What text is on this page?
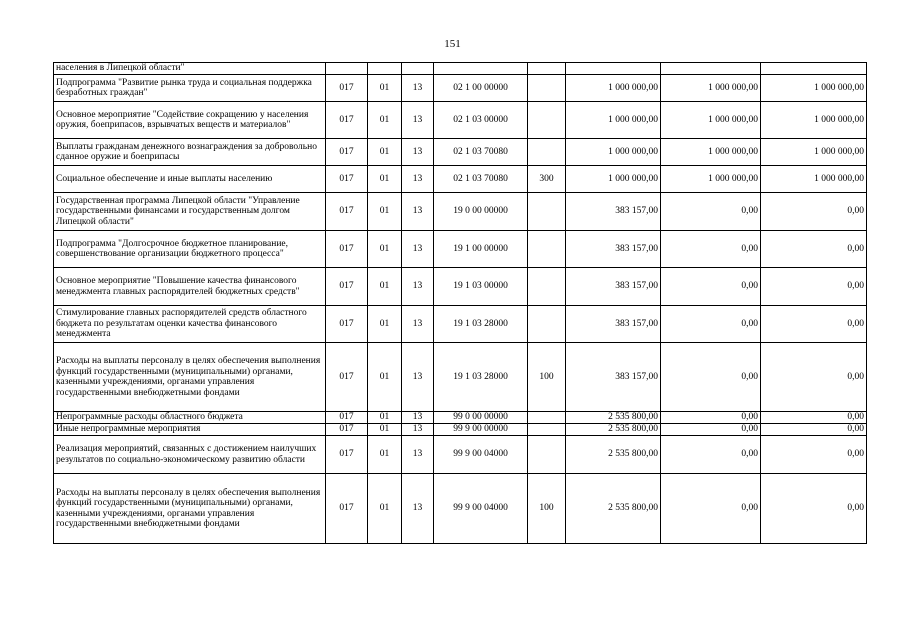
151
населения в Липецкой области"								
Подпрограмма "Развитие рынка труда и социальная поддержка безработных граждан"	017	01	13	02 1 00 00000		1 000 000,00	1 000 000,00	1 000 000,00
Основное мероприятие "Содействие сокращению у населения оружия, боеприпасов, взрывчатых веществ и материалов"	017	01	13	02 1 03 00000		1 000 000,00	1 000 000,00	1 000 000,00
Выплаты гражданам денежного вознаграждения за добровольно сданное оружие и боеприпасы	017	01	13	02 1 03 70080		1 000 000,00	1 000 000,00	1 000 000,00
Социальное обеспечение и иные выплаты населению	017	01	13	02 1 03 70080	300	1 000 000,00	1 000 000,00	1 000 000,00
Государственная программа Липецкой области "Управление государственными финансами и государственным долгом Липецкой области"	017	01	13	19 0 00 00000		383 157,00	0,00	0,00
Подпрограмма "Долгосрочное бюджетное планирование, совершенствование организации бюджетного процесса"	017	01	13	19 1 00 00000		383 157,00	0,00	0,00
Основное мероприятие "Повышение качества финансового менеджмента главных распорядителей бюджетных средств"	017	01	13	19 1 03 00000		383 157,00	0,00	0,00
Стимулирование главных распорядителей средств областного бюджета по результатам оценки качества финансового менеджмента	017	01	13	19 1 03 28000		383 157,00	0,00	0,00
Расходы на выплаты персоналу в целях обеспечения выполнения функций государственными (муниципальными) органами, казенными учреждениями, органами управления государственными внебюджетными фондами	017	01	13	19 1 03 28000	100	383 157,00	0,00	0,00
Непрограммные расходы областного бюджета	017	01	13	99 0 00 00000		2 535 800,00	0,00	0,00
Иные непрограммные мероприятия	017	01	13	99 9 00 00000		2 535 800,00	0,00	0,00
Реализация мероприятий, связанных с достижением наилучших результатов по социально-экономическому развитию области	017	01	13	99 9 00 04000		2 535 800,00	0,00	0,00
Расходы на выплаты персоналу в целях обеспечения выполнения функций государственными (муниципальными) органами, казенными учреждениями, органами управления государственными внебюджетными фондами	017	01	13	99 9 00 04000	100	2 535 800,00	0,00	0,00
